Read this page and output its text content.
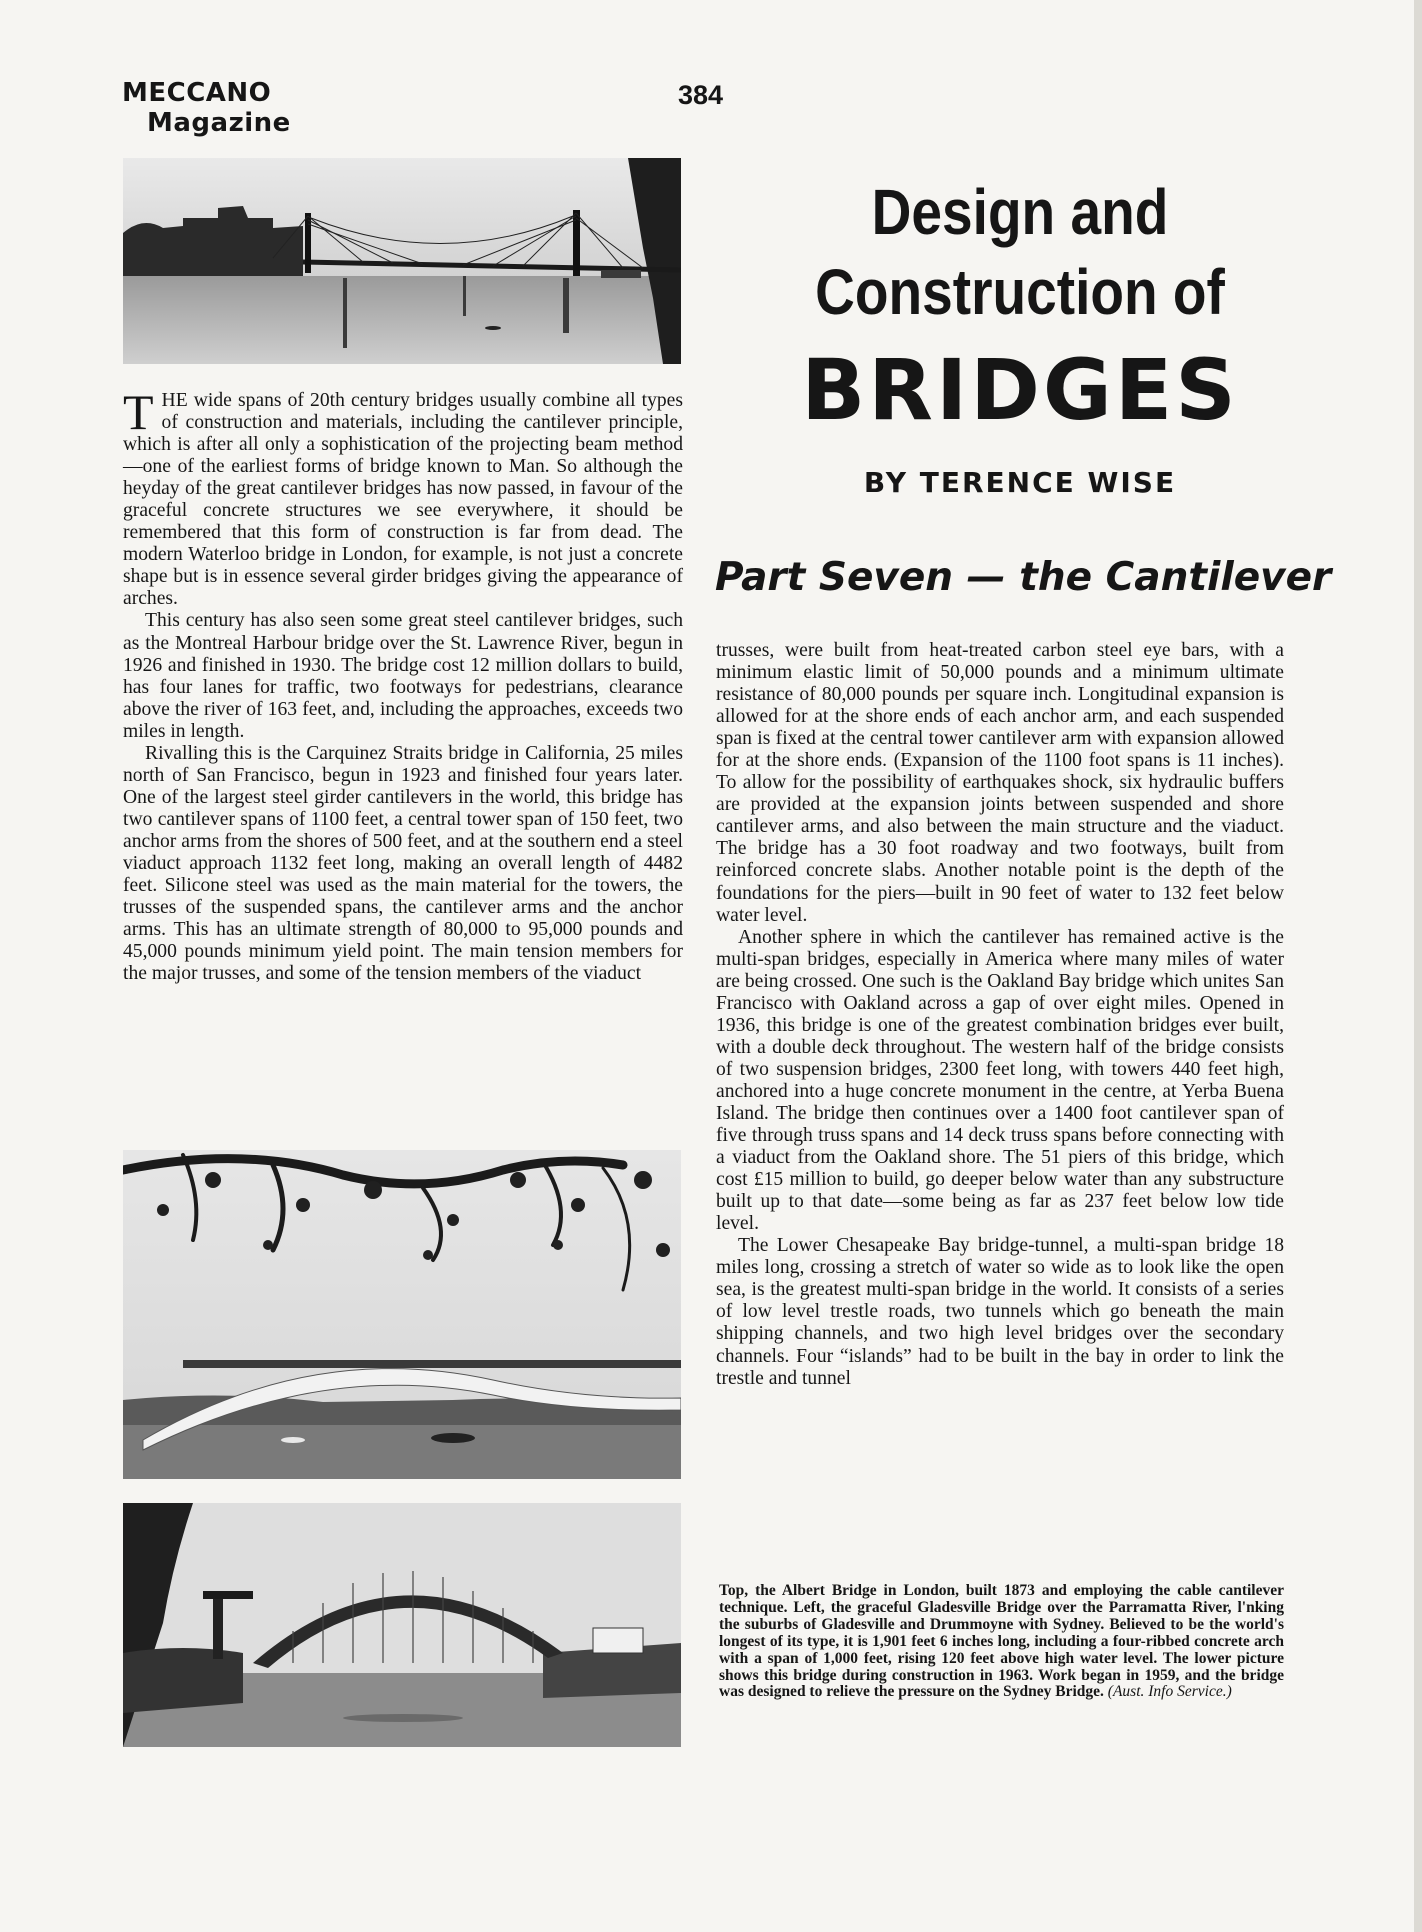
MECCANO
Magazine
384
Design and
Construction of
BRIDGES
BY TERENCE WISE
Part Seven — the Cantilever

THE wide spans of 20th century bridges usually combine all types of construction and materials, including the cantilever principle, which is after all only a sophistication of the projecting beam method—one of the earliest forms of bridge known to Man. So although the heyday of the great cantilever bridges has now passed, in favour of the graceful concrete structures we see everywhere, it should be remembered that this form of construction is far from dead. The modern Waterloo bridge in London, for example, is not just a concrete shape but is in essence several girder bridges giving the appearance of arches.

This century has also seen some great steel cantilever bridges, such as the Montreal Harbour bridge over the St. Lawrence River, begun in 1926 and finished in 1930. The bridge cost 12 million dollars to build, has four lanes for traffic, two footways for pedestrians, clearance above the river of 163 feet, and, including the approaches, exceeds two miles in length.

Rivalling this is the Carquinez Straits bridge in California, 25 miles north of San Francisco, begun in 1923 and finished four years later. One of the largest steel girder cantilevers in the world, this bridge has two cantilever spans of 1100 feet, a central tower span of 150 feet, two anchor arms from the shores of 500 feet, and at the southern end a steel viaduct approach 1132 feet long, making an overall length of 4482 feet. Silicone steel was used as the main material for the towers, the trusses of the suspended spans, the cantilever arms and the anchor arms. This has an ultimate strength of 80,000 to 95,000 pounds and 45,000 pounds minimum yield point. The main tension members for the major trusses, and some of the tension members of the viaduct

trusses, were built from heat-treated carbon steel eye bars, with a minimum elastic limit of 50,000 pounds and a minimum ultimate resistance of 80,000 pounds per square inch. Longitudinal expansion is allowed for at the shore ends of each anchor arm, and each suspended span is fixed at the central tower cantilever arm with expansion allowed for at the shore ends. (Expansion of the 1100 foot spans is 11 inches). To allow for the possibility of earthquakes shock, six hydraulic buffers are provided at the expansion joints between suspended and shore cantilever arms, and also between the main structure and the viaduct. The bridge has a 30 foot roadway and two footways, built from reinforced concrete slabs. Another notable point is the depth of the foundations for the piers—built in 90 feet of water to 132 feet below water level.

Another sphere in which the cantilever has remained active is the multi-span bridges, especially in America where many miles of water are being crossed. One such is the Oakland Bay bridge which unites San Francisco with Oakland across a gap of over eight miles. Opened in 1936, this bridge is one of the greatest combination bridges ever built, with a double deck throughout. The western half of the bridge consists of two suspension bridges, 2300 feet long, with towers 440 feet high, anchored into a huge concrete monument in the centre, at Yerba Buena Island. The bridge then continues over a 1400 foot cantilever span of five through truss spans and 14 deck truss spans before connecting with a viaduct from the Oakland shore. The 51 piers of this bridge, which cost £15 million to build, go deeper below water than any substructure built up to that date—some being as far as 237 feet below low tide level.

The Lower Chesapeake Bay bridge-tunnel, a multi-span bridge 18 miles long, crossing a stretch of water so wide as to look like the open sea, is the greatest multi-span bridge in the world. It consists of a series of low level trestle roads, two tunnels which go beneath the main shipping channels, and two high level bridges over the secondary channels. Four “islands” had to be built in the bay in order to link the trestle and tunnel

Top, the Albert Bridge in London, built 1873 and employing the cable cantilever technique. Left, the graceful Gladesville Bridge over the Parramatta River, l'nking the suburbs of Gladesville and Drummoyne with Sydney. Believed to be the world's longest of its type, it is 1,901 feet 6 inches long, including a four-ribbed concrete arch with a span of 1,000 feet, rising 120 feet above high water level. The lower picture shows this bridge during construction in 1963. Work began in 1959, and the bridge was designed to relieve the pressure on the Sydney Bridge. (Aust. Info Service.)
